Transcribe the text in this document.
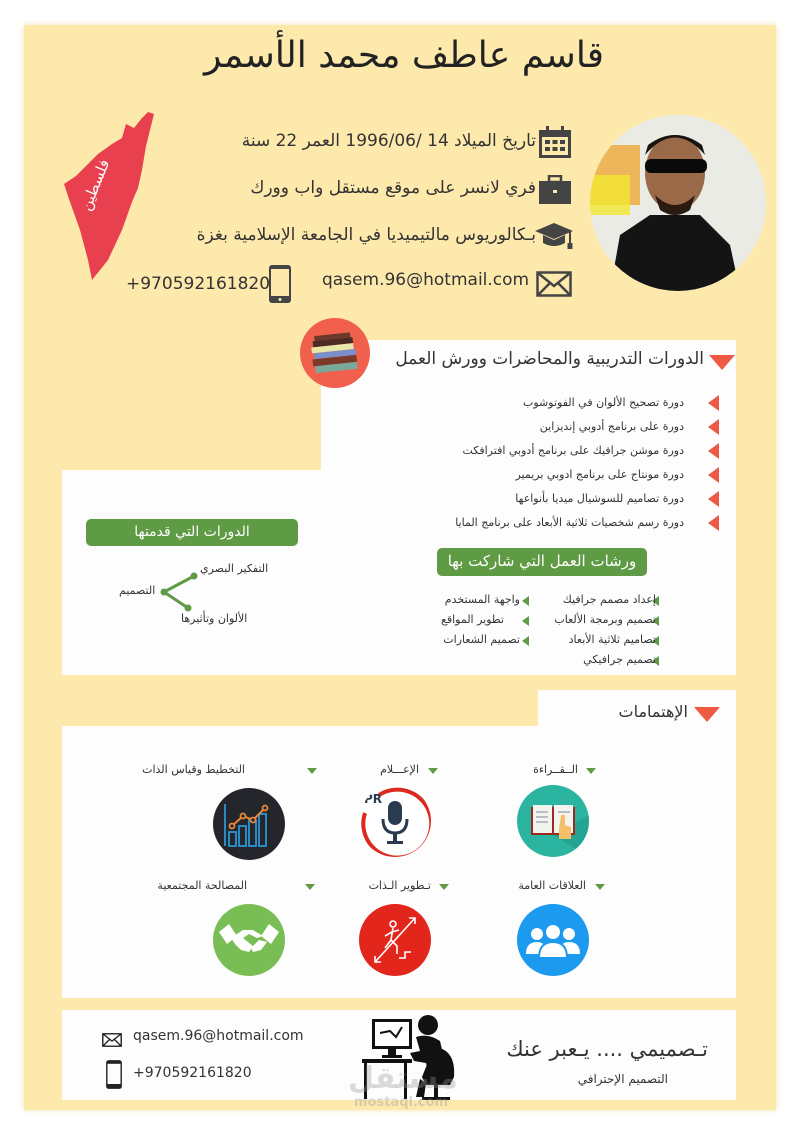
قاسم عاطف محمد الأسمر
فلسطين
تاريخ الميلاد 14 /1996/06 العمر 22 سنة
فري لانسر على موقع مستقل واب وورك
بـكالوريوس مالتيميديا في الجامعة الإسلامية بغزة
qasem.96@hotmail.com
+970592161820
الدورات التدريبية والمحاضرات وورش العمل
دورة تصحيح الألوان في الفوتوشوب
دورة على برنامج أدوبي إنديزاين
دورة موشن جرافيك على برنامج أدوبي افترافكت
دورة مونتاج على برنامج ادوبي بريمير
دورة تصاميم للسوشيال ميديا بأنواعها
دورة رسم شخصيات ثلاثية الأبعاد على برنامج المايا
الدورات التي قدمتها
التصميم
التفكير البصري
الألوان وتأثيرها
ورشات العمل التي شاركت بها
إعداد مصمم جرافيك
تصميم وبرمجة الألعاب
تصاميم ثلاثية الأبعاد
تصميم جرافيكي
واجهة المستخدم
تطوير المواقع
تصميم الشعارات
الإهتمامات
الــقــراءة
الإعـــلام
PR
التخطيط وقياس الذات
العلاقات العامة
تـطوير الـذات
المصالحة المجتمعية
qasem.96@hotmail.com
+970592161820	مستقل
mostaql.com
تـصميمي .... يـعبر عنك
التصميم الإحترافي
